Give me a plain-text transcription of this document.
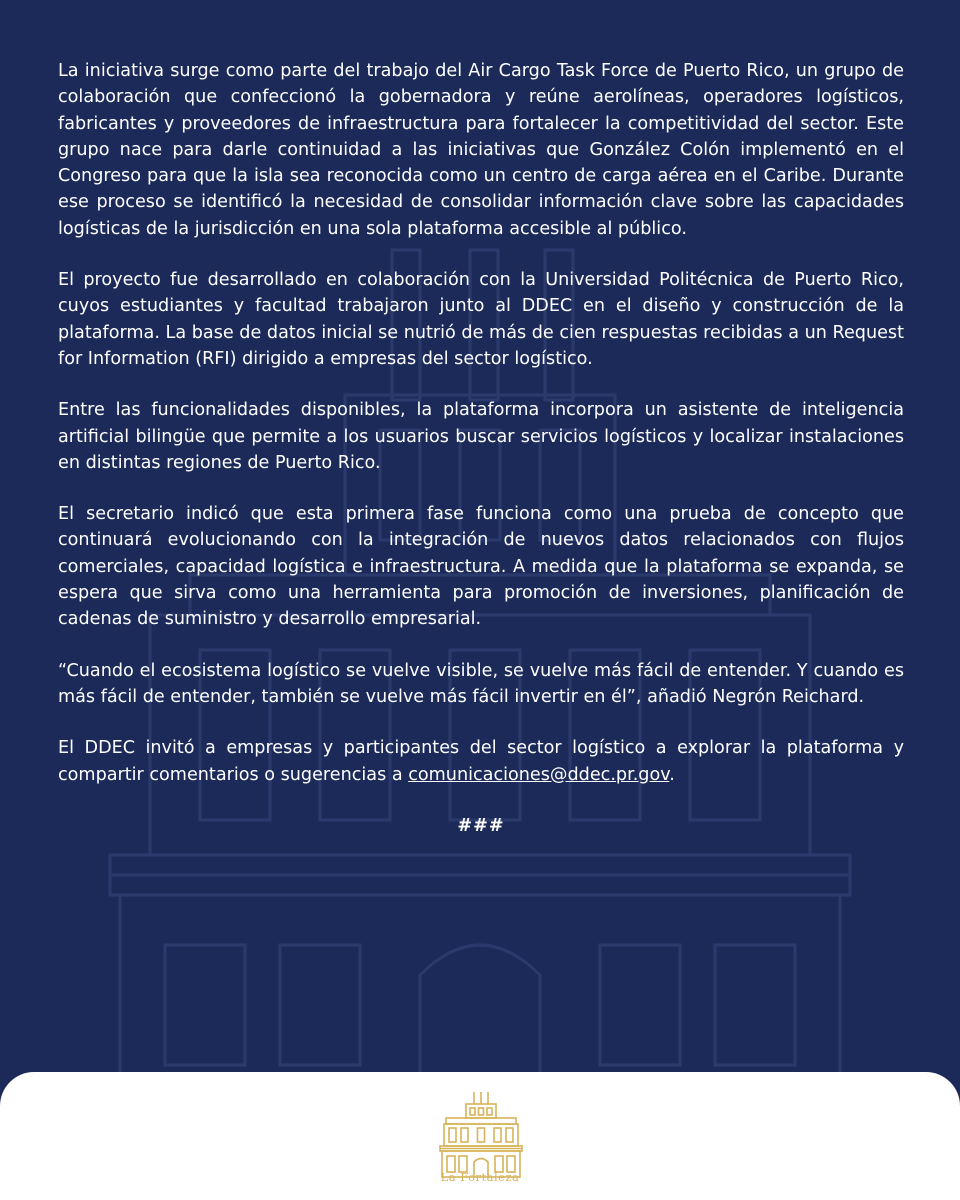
La iniciativa surge como parte del trabajo del Air Cargo Task Force de Puerto Rico, un grupo de colaboración que confeccionó la gobernadora y reúne aerolíneas, operadores logísticos, fabricantes y proveedores de infraestructura para fortalecer la competitividad del sector. Este grupo nace para darle continuidad a las iniciativas que González Colón implementó en el Congreso para que la isla sea reconocida como un centro de carga aérea en el Caribe. Durante ese proceso se identificó la necesidad de consolidar información clave sobre las capacidades logísticas de la jurisdicción en una sola plataforma accesible al público.

El proyecto fue desarrollado en colaboración con la Universidad Politécnica de Puerto Rico, cuyos estudiantes y facultad trabajaron junto al DDEC en el diseño y construcción de la plataforma. La base de datos inicial se nutrió de más de cien respuestas recibidas a un Request for Information (RFI) dirigido a empresas del sector logístico.

Entre las funcionalidades disponibles, la plataforma incorpora un asistente de inteligencia artificial bilingüe que permite a los usuarios buscar servicios logísticos y localizar instalaciones en distintas regiones de Puerto Rico.

El secretario indicó que esta primera fase funciona como una prueba de concepto que continuará evolucionando con la integración de nuevos datos relacionados con flujos comerciales, capacidad logística e infraestructura. A medida que la plataforma se expanda, se espera que sirva como una herramienta para promoción de inversiones, planificación de cadenas de suministro y desarrollo empresarial.

“Cuando el ecosistema logístico se vuelve visible, se vuelve más fácil de entender. Y cuando es más fácil de entender, también se vuelve más fácil invertir en él”, añadió Negrón Reichard.

El DDEC invitó a empresas y participantes del sector logístico a explorar la plataforma y compartir comentarios o sugerencias a comunicaciones@ddec.pr.gov.

###

La Fortaleza
